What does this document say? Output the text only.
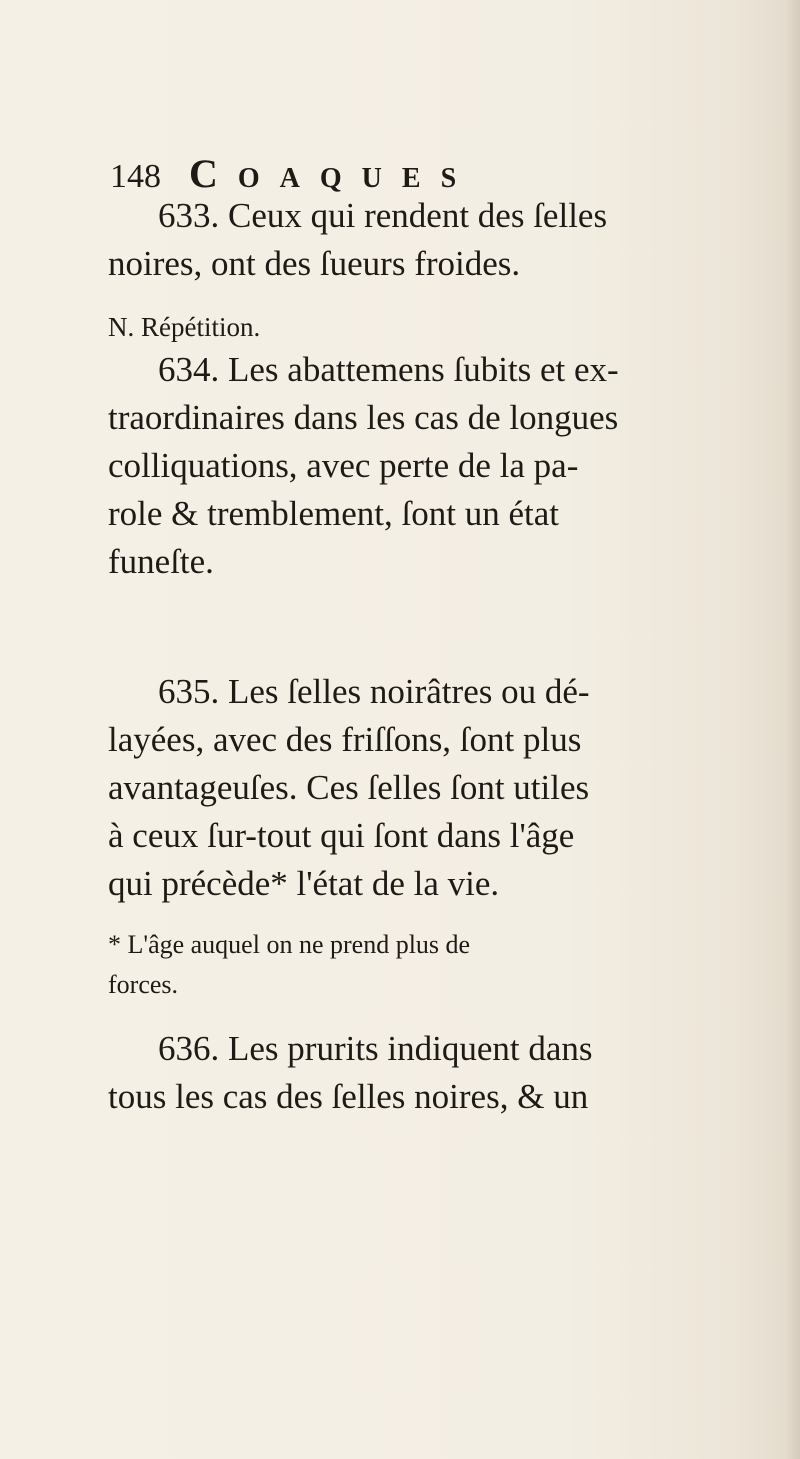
148 Coaques
633. Ceux qui rendent des ſelles
noires, ont des ſueurs froides.
N. Répétition.
634. Les abattemens ſubits et ex-
traordinaires dans les cas de longues
colliquations, avec perte de la pa-
role & tremblement, ſont un état
funeſte.
635. Les ſelles noirâtres ou dé-
layées, avec des friſſons, ſont plus
avantageuſes. Ces ſelles ſont utiles
à ceux ſur-tout qui ſont dans l'âge
qui précède* l'état de la vie.
* L'âge auquel on ne prend plus de
forces.
636. Les prurits indiquent dans
tous les cas des ſelles noires, & un
